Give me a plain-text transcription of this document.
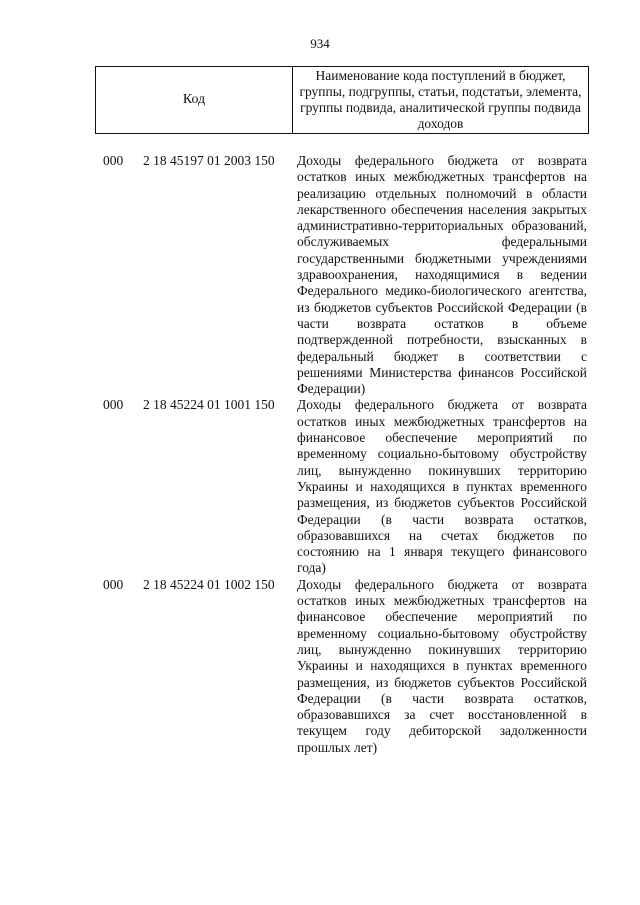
934
Код
Наименование кода поступлений в бюджет, группы, подгруппы, статьи, подстатьи, элемента, группы подвида, аналитической группы подвида доходов
000 2 18 45197 01 2003 150 Доходы федерального бюджета от возврата остатков иных межбюджетных трансфертов на реализацию отдельных полномочий в области лекарственного обеспечения населения закрытых административно-территориальных образований, обслуживаемых федеральными государственными бюджетными учреждениями здравоохранения, находящимися в ведении Федерального медико-биологического агентства, из бюджетов субъектов Российской Федерации (в части возврата остатков в объеме подтвержденной потребности, взысканных в федеральный бюджет в соответствии с решениями Министерства финансов Российской Федерации)
000 2 18 45224 01 1001 150 Доходы федерального бюджета от возврата остатков иных межбюджетных трансфертов на финансовое обеспечение мероприятий по временному социально-бытовому обустройству лиц, вынужденно покинувших территорию Украины и находящихся в пунктах временного размещения, из бюджетов субъектов Российской Федерации (в части возврата остатков, образовавшихся на счетах бюджетов по состоянию на 1 января текущего финансового года)
000 2 18 45224 01 1002 150 Доходы федерального бюджета от возврата остатков иных межбюджетных трансфертов на финансовое обеспечение мероприятий по временному социально-бытовому обустройству лиц, вынужденно покинувших территорию Украины и находящихся в пунктах временного размещения, из бюджетов субъектов Российской Федерации (в части возврата остатков, образовавшихся за счет восстановленной в текущем году дебиторской задолженности прошлых лет)
